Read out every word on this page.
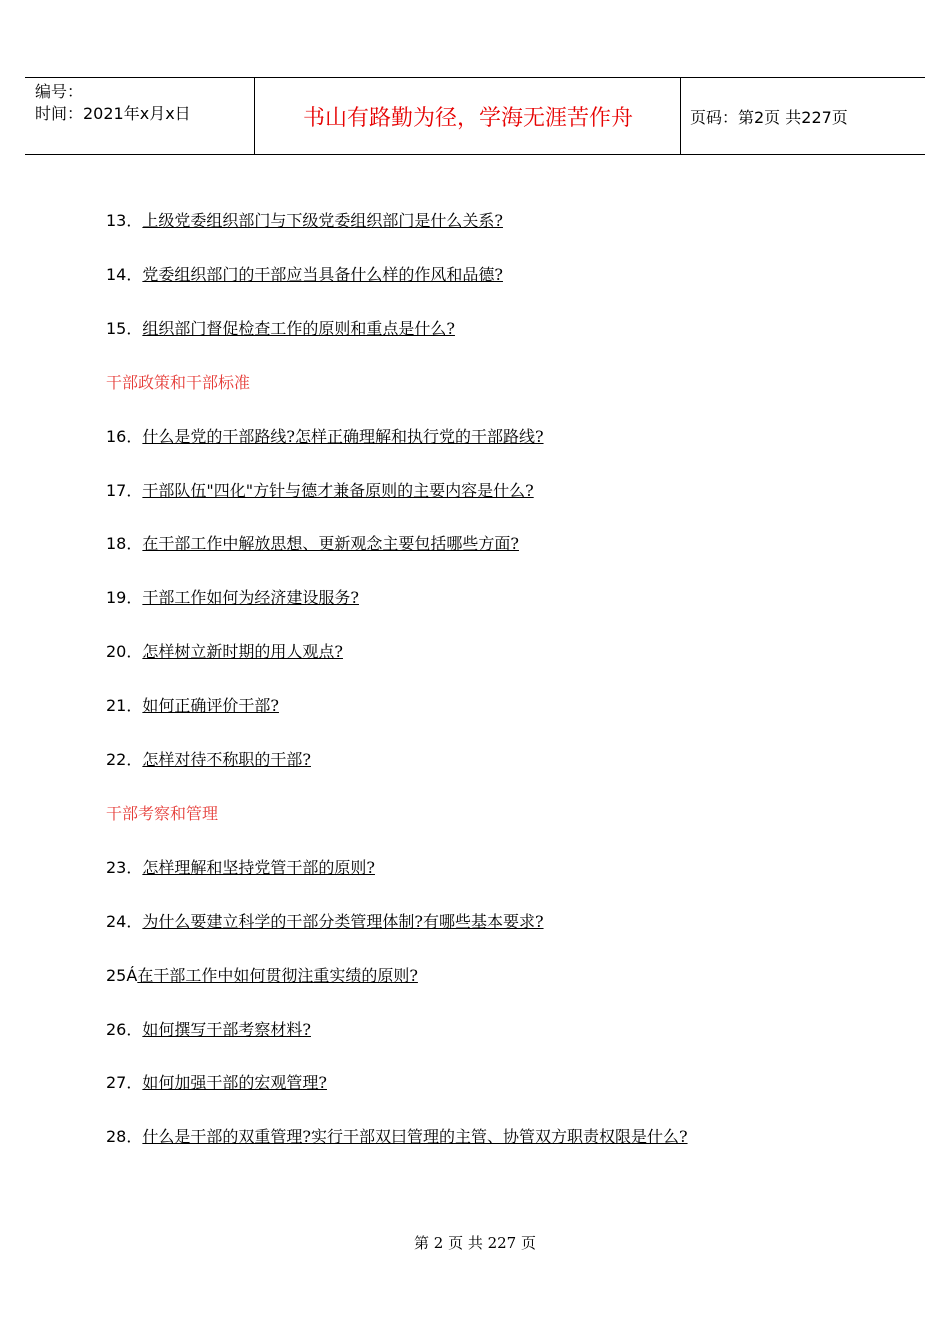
编号：
时间：2021年x月x日	书山有路勤为径，学海无涯苦作舟	页码：第2页 共227页
13．上级党委组织部门与下级党委组织部门是什么关系?
14．党委组织部门的干部应当具备什么样的作风和品德?
15．组织部门督促检查工作的原则和重点是什么?
干部政策和干部标准
16．什么是党的干部路线?怎样正确理解和执行党的干部路线?
17．干部队伍"四化"方针与德才兼备原则的主要内容是什么?
18．在干部工作中解放思想、更新观念主要包括哪些方面?
19．干部工作如何为经济建设服务?
20．怎样树立新时期的用人观点?
21．如何正确评价干部?
22．怎样对待不称职的干部?
干部考察和管理
23．怎样理解和坚持党管干部的原则?
24．为什么要建立科学的干部分类管理体制?有哪些基本要求?
25Á在干部工作中如何贯彻注重实绩的原则?
26．如何撰写干部考察材料?
27．如何加强干部的宏观管理?
28．什么是干部的双重管理?实行干部双曰管理的主管、协管双方职责权限是什么?
第 2 页 共 227 页
